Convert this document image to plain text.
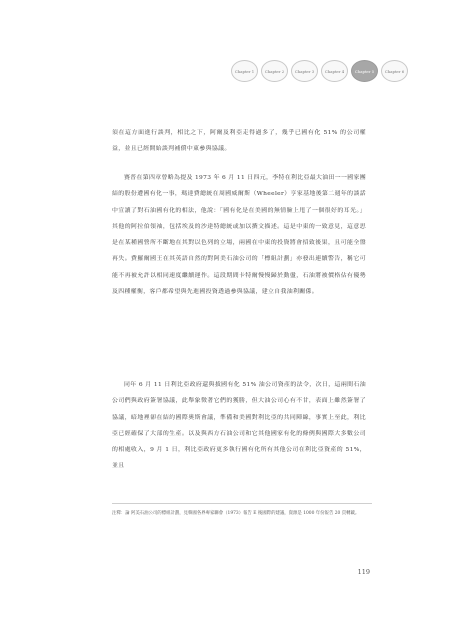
Chapter 1	Chapter 2	Chapter 3	Chapter 4	Chapter 5	Chapter 6

須在這方面進行談判，相比之下，阿爾及利亞走得過多了，幾乎已國有化 51% 的公司權益，並且已經開始談判補償中東參與協議。

賽普在第四章曾略為提及 1973 年 6 月 11 日四元，李特在利比亞最大油田一一國家團結的股份遭國有化一事，瑪達費總統在周國威爾斯（Wheeler）亨家基地後第二週年的談話中宣讀了對石油國有化的相法，他說：「國有化是在美國的無情臉上甩了一個很好的耳光。」其他的阿拉伯領袖，包括埃及的沙達特總統或加以撰文描述。這是中東的一致意見，這意思是在某種國營所不斷地在其對以色列的立場，兩國在中東的投資將會招致後果，且可能全盤再失。費羅爾國王在其英語自然的對阿美石油公司的「標組計劃」亦發出連續警告，稱它可能不再被允許以相同速度繼續運作。這段期間卡特爾慢慢歸於動盪，石油將被價格佔有優勢及四種權衡，客戶都希望與先進國投資透過參與協議，建立自我油利關係。

同年 6 月 11 日利比亞政府還與拔國有化 51% 油公司資產的法令，次日，這兩間石油公司們與政府簽署協議，此舉象徵著它們的獲勝，但大油公司心有不甘，表面上雖然簽署了協議，暗地裡卻在結約國際奧斯會議，準備和美國對利比亞的共同陣線，事實上至此，利比亞已經確保了大部的生產。以及與西方石油公司和它其他國家有化的條例與國際大多數公司的相處收入，9 月 1 日，利比亞政府更多執行國有化所有其他公司在利比亞資產的 51%，並且

注釋：論 阿美石油公司的標組計劃，見韓國各界專家聯會（1973）報告 E 後國際的建議，資源是 1000 年份報告 20 頁轉載。
119
